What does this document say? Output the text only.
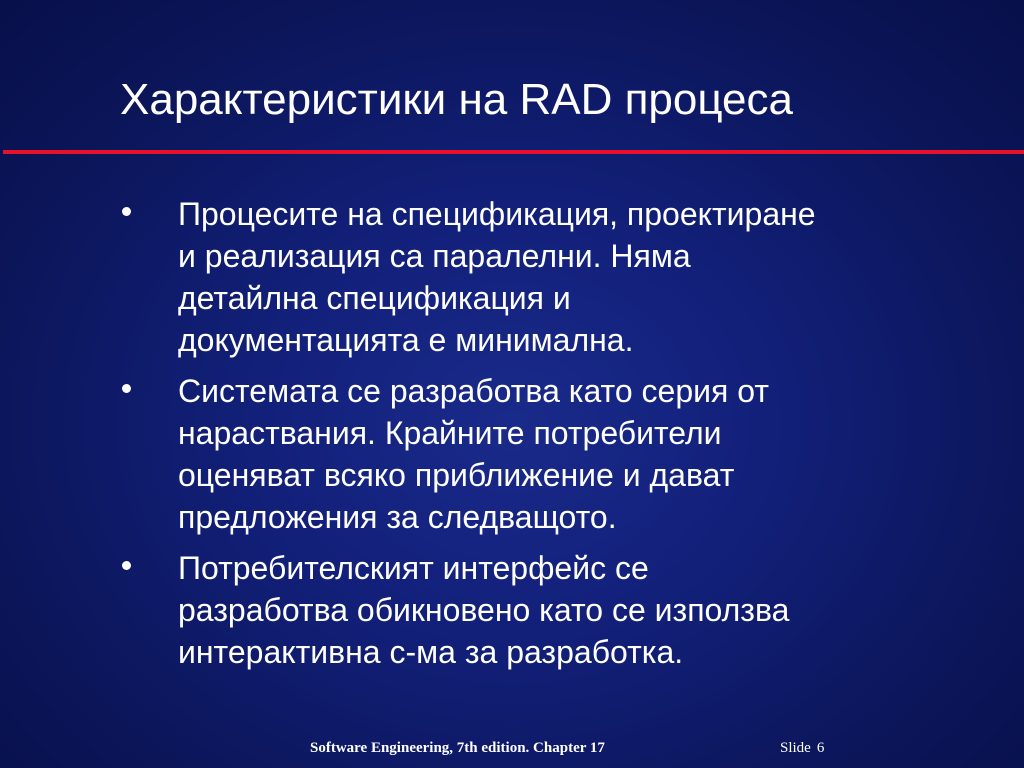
Характеристики на RAD процеса
Процесите на спецификация, проектиране
и реализация са паралелни. Няма
детайлна спецификация и
документацията е минимална.
Системата се разработва като серия от
нараствания. Крайните потребители
оценяват всяко приближение и дават
предложения за следващото.
Потребителският интерфейс се
разработва обикновено като се използва
интерактивна с-ма за разработка.
Software Engineering, 7th edition. Chapter 17	Slide 6
